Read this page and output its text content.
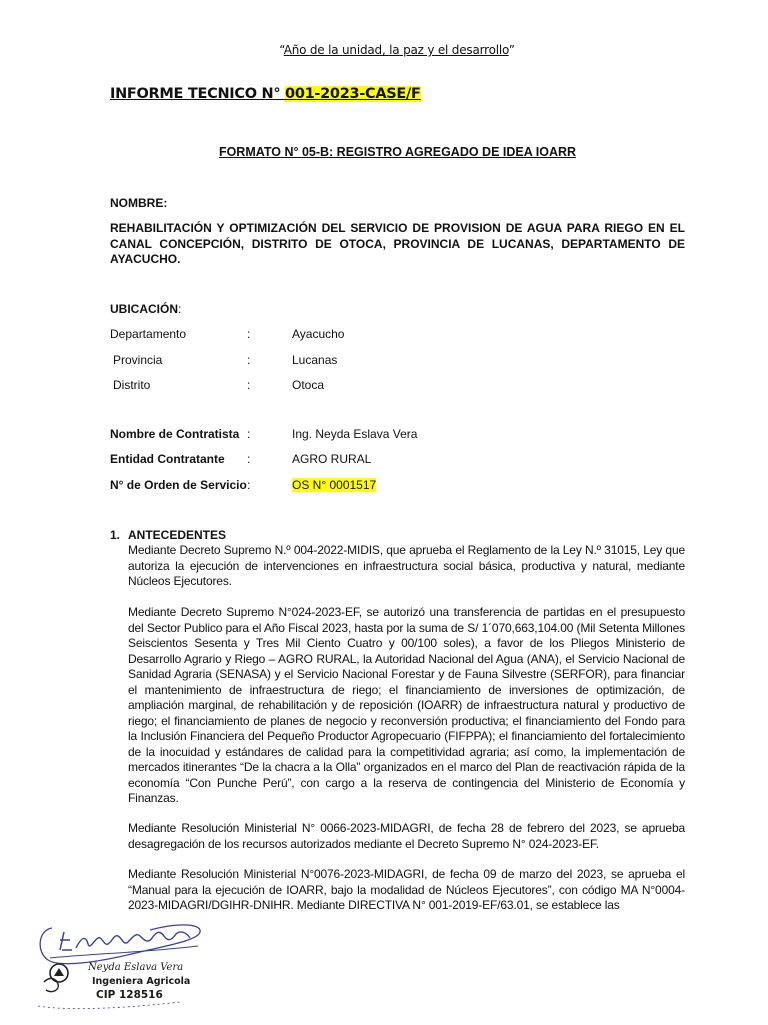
“Año de la unidad, la paz y el desarrollo”
INFORME TECNICO N° 001-2023-CASE/F
FORMATO N° 05-B: REGISTRO AGREGADO DE IDEA IOARR
NOMBRE:
REHABILITACIÓN Y OPTIMIZACIÓN DEL SERVICIO DE PROVISION DE AGUA PARA RIEGO EN EL CANAL CONCEPCIÓN, DISTRITO DE OTOCA, PROVINCIA DE LUCANAS, DEPARTAMENTO DE AYACUCHO.
UBICACIÓN:
Departamento	:	Ayacucho
Provincia	:	Lucanas
Distrito	:	Otoca
Nombre de Contratista :	Ing. Neyda Eslava Vera
Entidad Contratante :	AGRO RURAL
N° de Orden de Servicio :	OS N° 0001517
1. ANTECEDENTES
Mediante Decreto Supremo N.º 004-2022-MIDIS, que aprueba el Reglamento de la Ley N.º 31015, Ley que autoriza la ejecución de intervenciones en infraestructura social básica, productiva y natural, mediante Núcleos Ejecutores.
Mediante Decreto Supremo N°024-2023-EF, se autorizó una transferencia de partidas en el presupuesto del Sector Publico para el Año Fiscal 2023, hasta por la suma de S/ 1´070,663,104.00 (Mil Setenta Millones Seiscientos Sesenta y Tres Mil Ciento Cuatro y 00/100 soles), a favor de los Pliegos Ministerio de Desarrollo Agrario y Riego – AGRO RURAL, la Autoridad Nacional del Agua (ANA), el Servicio Nacional de Sanidad Agraria (SENASA) y el Servicio Nacional Forestar y de Fauna Silvestre (SERFOR), para financiar el mantenimiento de infraestructura de riego; el financiamiento de inversiones de optimización, de ampliación marginal, de rehabilitación y de reposición (IOARR) de infraestructura natural y productivo de riego; el financiamiento de planes de negocio y reconversión productiva; el financiamiento del Fondo para la Inclusión Financiera del Pequeño Productor Agropecuario (FIFPPA); el financiamiento del fortalecimiento de la inocuidad y estándares de calidad para la competitividad agraria; así como, la implementación de mercados itinerantes “De la chacra a la Olla” organizados en el marco del Plan de reactivación rápida de la economía “Con Punche Perú”, con cargo a la reserva de contingencia del Ministerio de Economía y Finanzas.
Mediante Resolución Ministerial N° 0066-2023-MIDAGRI, de fecha 28 de febrero del 2023, se aprueba desagregación de los recursos autorizados mediante el Decreto Supremo N° 024-2023-EF.
Mediante Resolución Ministerial N°0076-2023-MIDAGRI, de fecha 09 de marzo del 2023, se aprueba el “Manual para la ejecución de IOARR, bajo la modalidad de Núcleos Ejecutores”, con código MA N°0004-2023-MIDAGRI/DGIHR-DNIHR. Mediante DIRECTIVA N° 001-2019-EF/63.01, se establece las
Neyda Eslava Vera
Ingeniera Agricola
CIP 128516
